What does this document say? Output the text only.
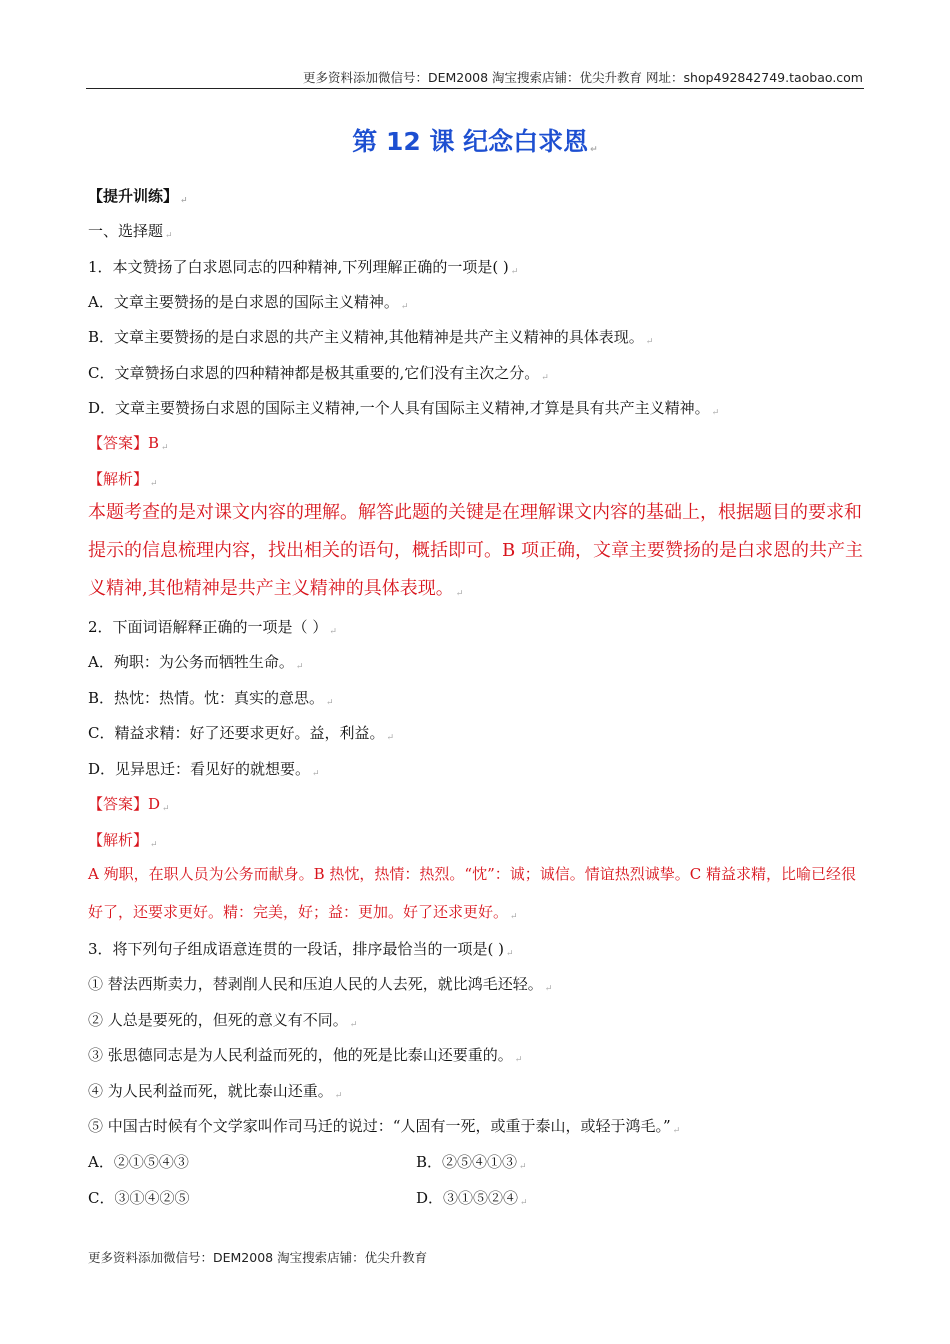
更多资料添加微信号：DEM2008 淘宝搜索店铺：优尖升教育 网址：shop492842749.taobao.com
第 12 课 纪念白求恩 ↵
【提升训练】 ↵
一、选择题 ↵
1．本文赞扬了白求恩同志的四种精神,下列理解正确的一项是( ) ↵
A．文章主要赞扬的是白求恩的国际主义精神。 ↵
B．文章主要赞扬的是白求恩的共产主义精神,其他精神是共产主义精神的具体表现。 ↵
C．文章赞扬白求恩的四种精神都是极其重要的,它们没有主次之分。 ↵
D．文章主要赞扬白求恩的国际主义精神,一个人具有国际主义精神,才算是具有共产主义精神。 ↵
【答案】B ↵
【解析】 ↵
本题考查的是对课文内容的理解。解答此题的关键是在理解课文内容的基础上，根据题目的要求和提示的信息梳理内容，找出相关的语句，概括即可。B 项正确，文章主要赞扬的是白求恩的共产主义精神,其他精神是共产主义精神的具体表现。 ↵
2．下面词语解释正确的一项是（ ） ↵
A．殉职：为公务而牺牲生命。 ↵
B．热忱：热情。忱：真实的意思。 ↵
C．精益求精：好了还要求更好。益，利益。 ↵
D．见异思迁：看见好的就想要。 ↵
【答案】D ↵
【解析】 ↵
A 殉职，在职人员为公务而献身。B 热忱，热情：热烈。“忱”：诚；诚信。情谊热烈诚挚。C 精益求精，比喻已经很好了，还要求更好。精：完美，好；益：更加。好了还求更好。 ↵
3．将下列句子组成语意连贯的一段话，排序最恰当的一项是( ) ↵
① 替法西斯卖力，替剥削人民和压迫人民的人去死，就比鸿毛还轻。 ↵
② 人总是要死的，但死的意义有不同。 ↵
③ 张思德同志是为人民利益而死的，他的死是比泰山还要重的。 ↵
④ 为人民利益而死，就比泰山还重。 ↵
⑤ 中国古时候有个文学家叫作司马迁的说过：“人固有一死，或重于泰山，或轻于鸿毛。” ↵
A．②①⑤④③	B．②⑤④①③ ↵
C．③①④②⑤	D．③①⑤②④ ↵
更多资料添加微信号：DEM2008 淘宝搜索店铺：优尖升教育
